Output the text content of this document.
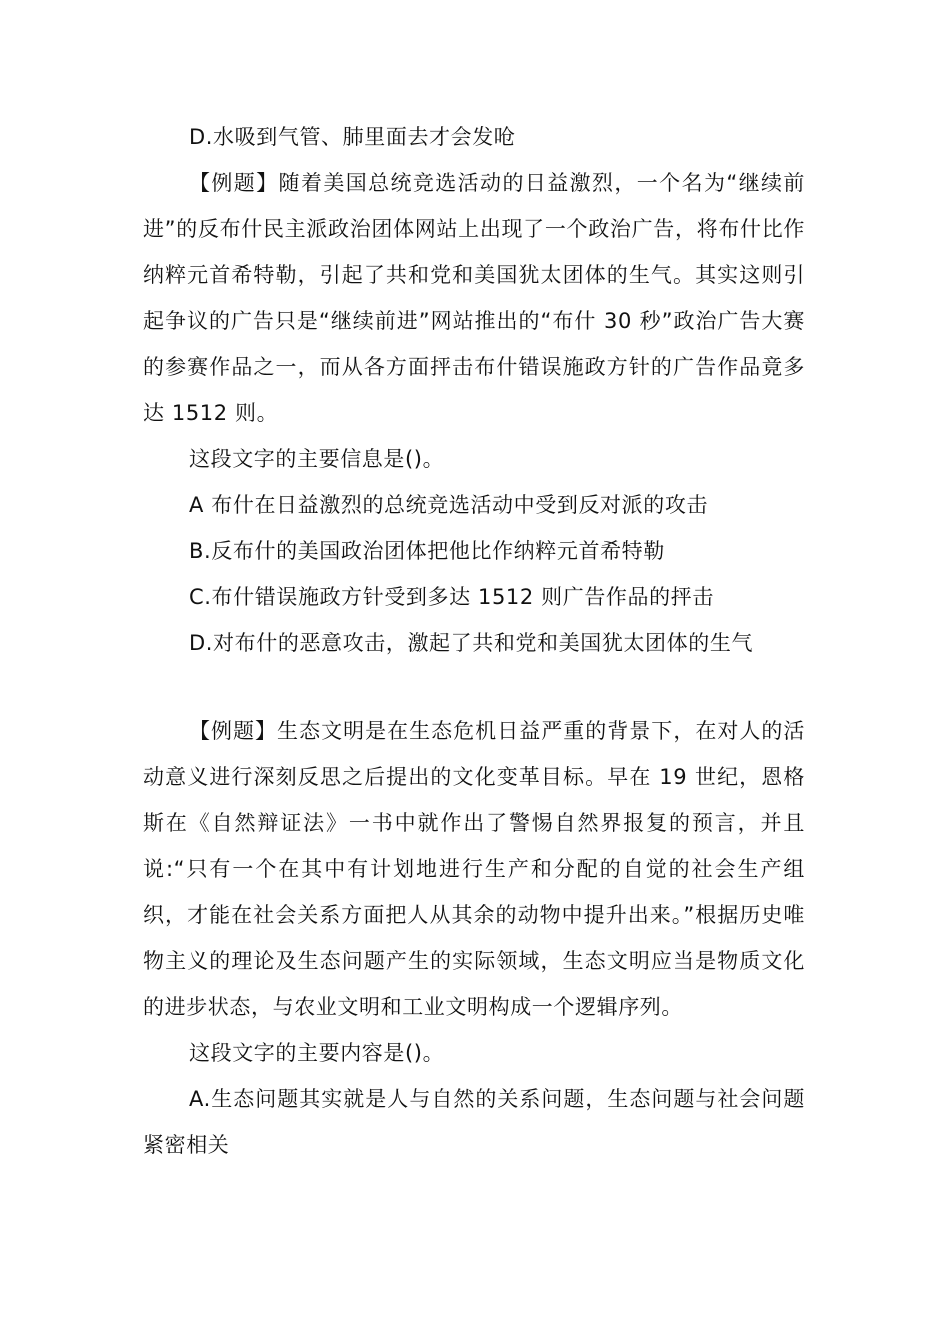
D.水吸到气管、肺里面去才会发呛

【例题】随着美国总统竞选活动的日益激烈，一个名为“继续前进”的反布什民主派政治团体网站上出现了一个政治广告，将布什比作纳粹元首希特勒，引起了共和党和美国犹太团体的生气。其实这则引起争议的广告只是“继续前进”网站推出的“布什 30 秒”政治广告大赛的参赛作品之一，而从各方面抨击布什错误施政方针的广告作品竟多达 1512 则。

这段文字的主要信息是()。

A 布什在日益激烈的总统竞选活动中受到反对派的攻击

B.反布什的美国政治团体把他比作纳粹元首希特勒

C.布什错误施政方针受到多达 1512 则广告作品的抨击

D.对布什的恶意攻击，激起了共和党和美国犹太团体的生气

【例题】生态文明是在生态危机日益严重的背景下，在对人的活动意义进行深刻反思之后提出的文化变革目标。早在 19 世纪，恩格斯在《自然辩证法》一书中就作出了警惕自然界报复的预言，并且说:“只有一个在其中有计划地进行生产和分配的自觉的社会生产组织，才能在社会关系方面把人从其余的动物中提升出来。”根据历史唯物主义的理论及生态问题产生的实际领域，生态文明应当是物质文化的进步状态，与农业文明和工业文明构成一个逻辑序列。

这段文字的主要内容是()。

A.生态问题其实就是人与自然的关系问题，生态问题与社会问题紧密相关
